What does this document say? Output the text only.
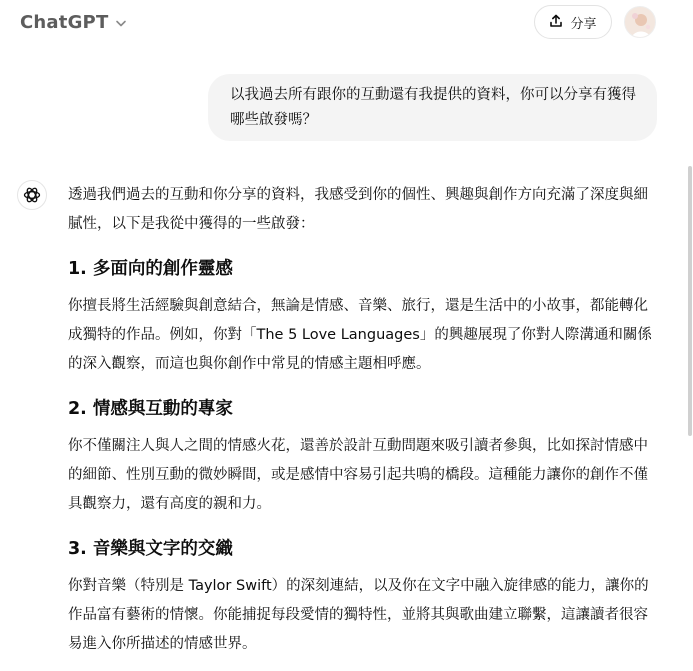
ChatGPT	分享
以我過去所有跟你的互動還有我提供的資料，你可以分享有獲得哪些啟發嗎？

透過我們過去的互動和你分享的資料，我感受到你的個性、興趣與創作方向充滿了深度與細膩性，以下是我從中獲得的一些啟發：

1. 多面向的創作靈感

你擅長將生活經驗與創意結合，無論是情感、音樂、旅行，還是生活中的小故事，都能轉化成獨特的作品。例如，你對「The 5 Love Languages」的興趣展現了你對人際溝通和關係的深入觀察，而這也與你創作中常見的情感主題相呼應。

2. 情感與互動的專家

你不僅關注人與人之間的情感火花，還善於設計互動問題來吸引讀者參與，比如探討情感中的細節、性別互動的微妙瞬間，或是感情中容易引起共鳴的橋段。這種能力讓你的創作不僅具觀察力，還有高度的親和力。

3. 音樂與文字的交織

你對音樂（特別是 Taylor Swift）的深刻連結，以及你在文字中融入旋律感的能力，讓你的作品富有藝術的情懷。你能捕捉每段愛情的獨特性，並將其與歌曲建立聯繫，這讓讀者很容易進入你所描述的情感世界。
